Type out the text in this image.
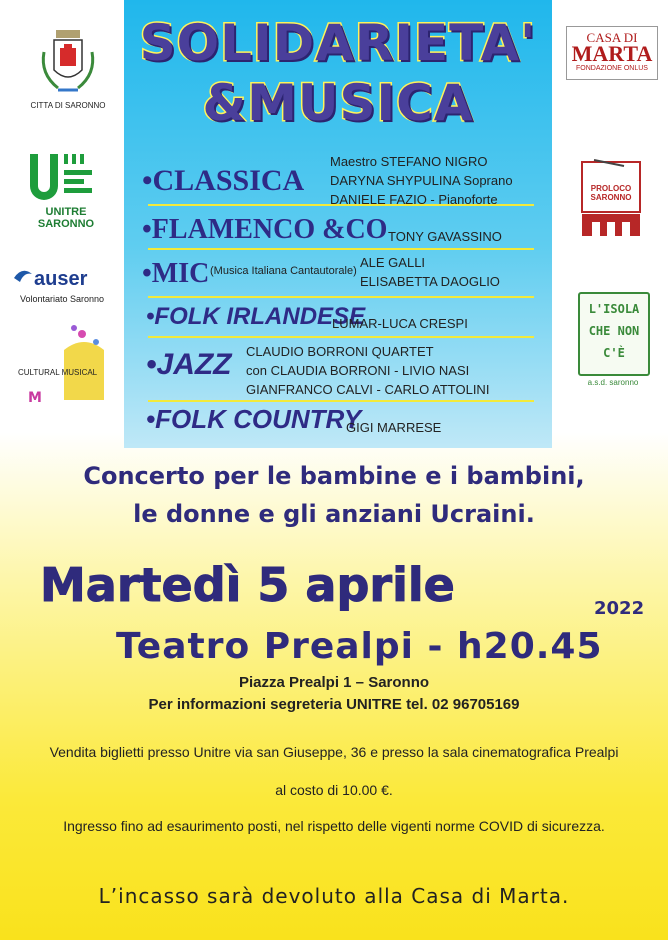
SOLIDARIETA'
&MUSICA
•CLASSICA
Maestro STEFANO NIGRO
DARYNA SHYPULINA Soprano
DANIELE FAZIO - Pianoforte
•FLAMENCO &CO TONY GAVASSINO
•MIC (Musica Italiana Cantautorale)
ALE GALLI
ELISABETTA DAOGLIO
•FOLK IRLANDESE
LUMAR-LUCA CRESPI
•JAZZ CLAUDIO BORRONI QUARTET
con CLAUDIA BORRONI - LIVIO NASI
GIANFRANCO CALVI - CARLO ATTOLINI
•FOLK COUNTRY
GIGI MARRESE
CITTA DI SARONNO
UNITRE SARONNO
auser
Volontariato Saronno
M
CULTURAL MUSICAL
CASA DI
MARTA
FONDAZIONE ONLUS
PROLOCO SARONNO
L'ISOLA CHE NON C'È
a.s.d. saronno
Concerto per le bambine e i bambini,
le donne e gli anziani Ucraini.
Martedì 5 aprile	2022
Teatro Prealpi - h20.45
Piazza Prealpi 1 – Saronno
Per informazioni segreteria UNITRE tel. 02 96705169
Vendita biglietti presso Unitre via san Giuseppe, 36 e presso la sala cinematografica Prealpi
al costo di 10.00 €.
Ingresso fino ad esaurimento posti, nel rispetto delle vigenti norme COVID di sicurezza.
L’incasso sarà devoluto alla Casa di Marta.
